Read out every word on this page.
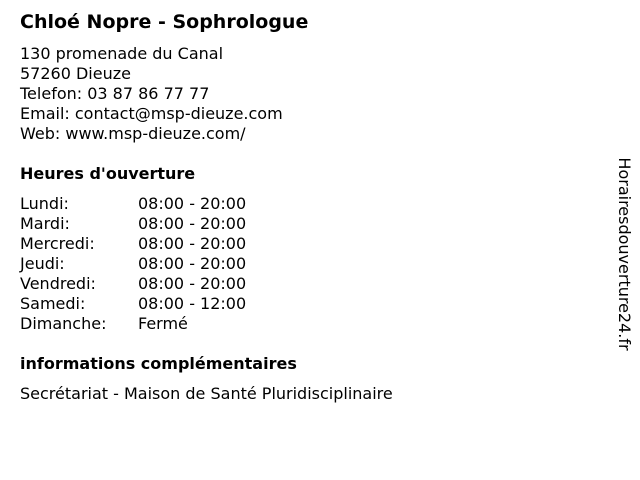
Chloé Nopre - Sophrologue
130 promenade du Canal
57260 Dieuze
Telefon: 03 87 86 77 77
Email: contact@msp-dieuze.com
Web: www.msp-dieuze.com/
Heures d'ouverture
Lundi:	08:00 - 20:00
Mardi:	08:00 - 20:00
Mercredi:	08:00 - 20:00
Jeudi:	08:00 - 20:00
Vendredi:	08:00 - 20:00
Samedi:	08:00 - 12:00
Dimanche:	Fermé
informations complémentaires
Secrétariat - Maison de Santé Pluridisciplinaire
Horairesdouverture24.fr
